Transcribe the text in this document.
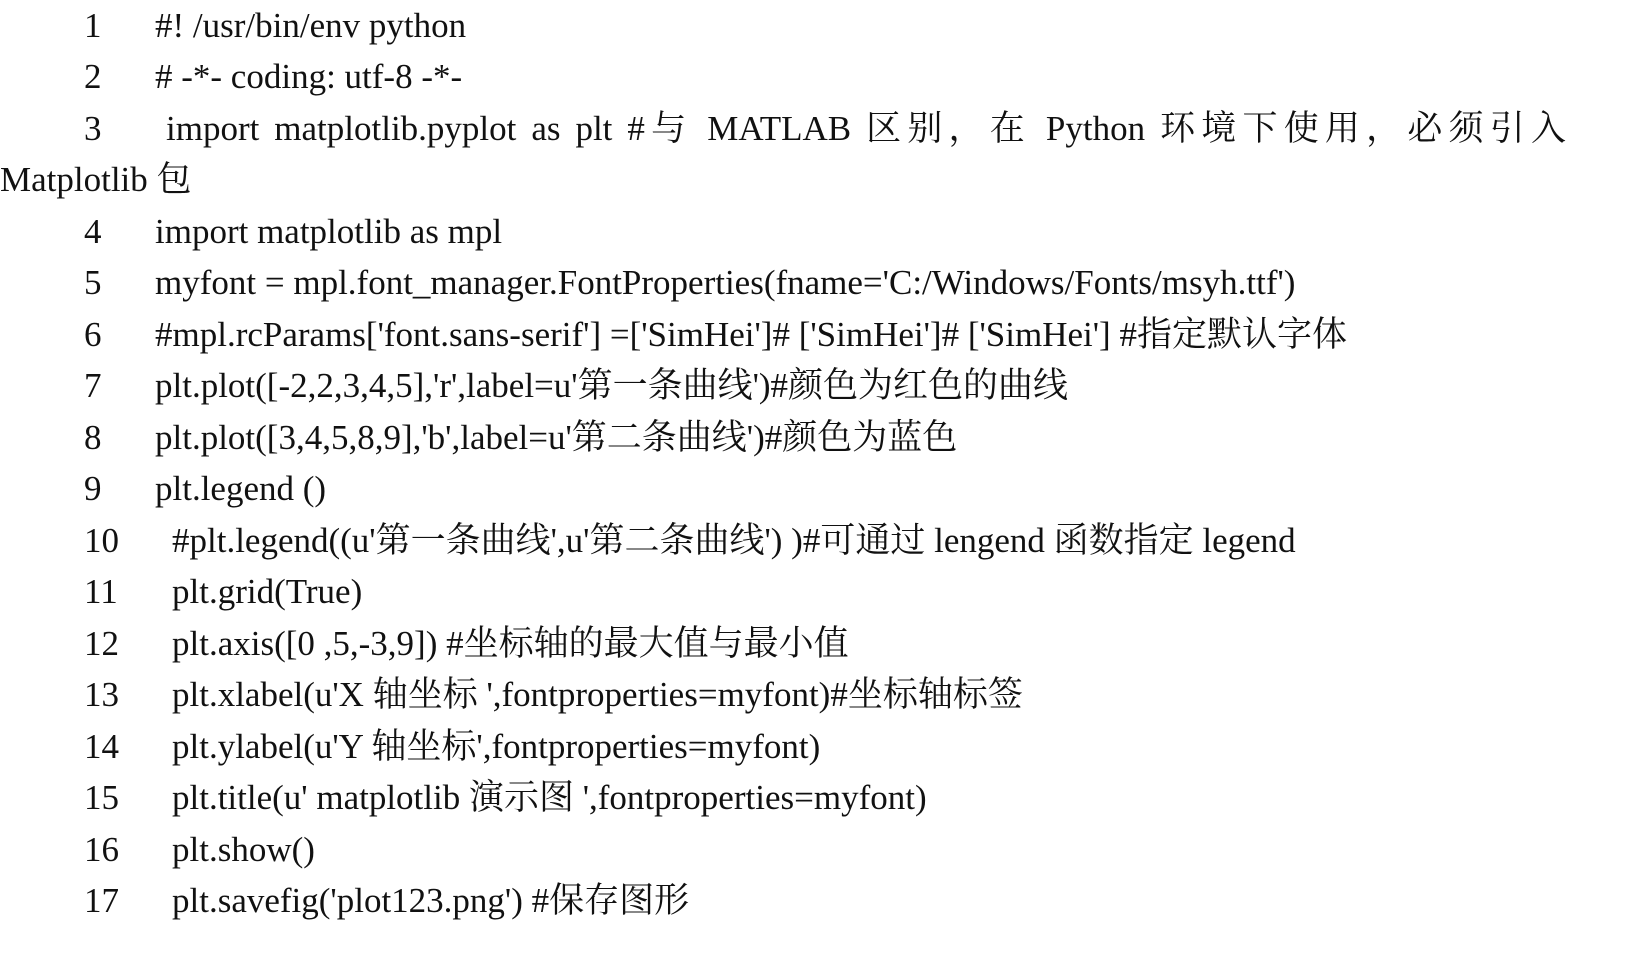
1 #! /usr/bin/env python
2 # -*- coding: utf-8 -*-
3 import matplotlib.pyplot as plt #与 MATLAB 区别，在 Python 环境下使用，必须引入
Matplotlib 包
4 import matplotlib as mpl
5 myfont = mpl.font_manager.FontProperties(fname='C:/Windows/Fonts/msyh.ttf')
6 #mpl.rcParams['font.sans-serif'] =['SimHei']# ['SimHei']# ['SimHei'] #指定默认字体
7 plt.plot([-2,2,3,4,5],'r',label=u'第一条曲线')#颜色为红色的曲线
8 plt.plot([3,4,5,8,9],'b',label=u'第二条曲线')#颜色为蓝色
9 plt.legend ()
10 #plt.legend((u'第一条曲线',u'第二条曲线') )#可通过 lengend 函数指定 legend
11 plt.grid(True)
12 plt.axis([0 ,5,-3,9]) #坐标轴的最大值与最小值
13 plt.xlabel(u'X 轴坐标 ',fontproperties=myfont)#坐标轴标签
14 plt.ylabel(u'Y 轴坐标',fontproperties=myfont)
15 plt.title(u' matplotlib 演示图 ',fontproperties=myfont)
16 plt.show()
17 plt.savefig('plot123.png') #保存图形
